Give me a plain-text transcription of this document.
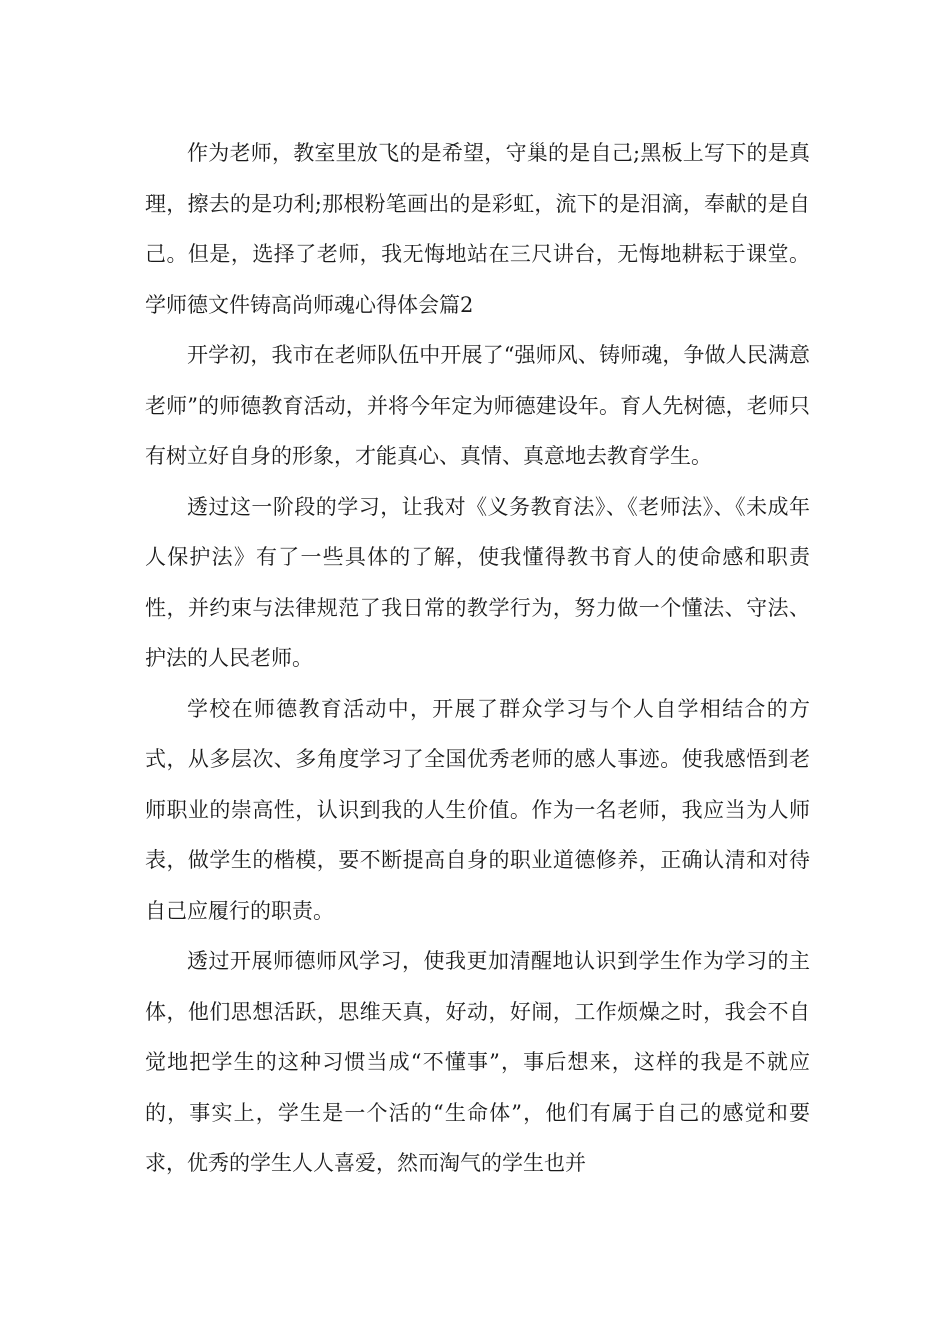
作为老师，教室里放飞的是希望，守巢的是自己;黑板上写下的是真理，擦去的是功利;那根粉笔画出的是彩虹，流下的是泪滴，奉献的是自己。但是，选择了老师，我无悔地站在三尺讲台，无悔地耕耘于课堂。学师德文件铸高尚师魂心得体会篇2

开学初，我市在老师队伍中开展了“强师风、铸师魂，争做人民满意老师”的师德教育活动，并将今年定为师德建设年。育人先树德，老师只有树立好自身的形象，才能真心、真情、真意地去教育学生。

透过这一阶段的学习，让我对《义务教育法》、《老师法》、《未成年人保护法》有了一些具体的了解，使我懂得教书育人的使命感和职责性，并约束与法律规范了我日常的教学行为，努力做一个懂法、守法、护法的人民老师。

学校在师德教育活动中，开展了群众学习与个人自学相结合的方式，从多层次、多角度学习了全国优秀老师的感人事迹。使我感悟到老师职业的崇高性，认识到我的人生价值。作为一名老师，我应当为人师表，做学生的楷模，要不断提高自身的职业道德修养，正确认清和对待自己应履行的职责。

透过开展师德师风学习，使我更加清醒地认识到学生作为学习的主体，他们思想活跃，思维天真，好动，好闹，工作烦燥之时，我会不自觉地把学生的这种习惯当成“不懂事”，事后想来，这样的我是不就应的，事实上，学生是一个活的“生命体”，他们有属于自己的感觉和要求，优秀的学生人人喜爱，然而淘气的学生也并
